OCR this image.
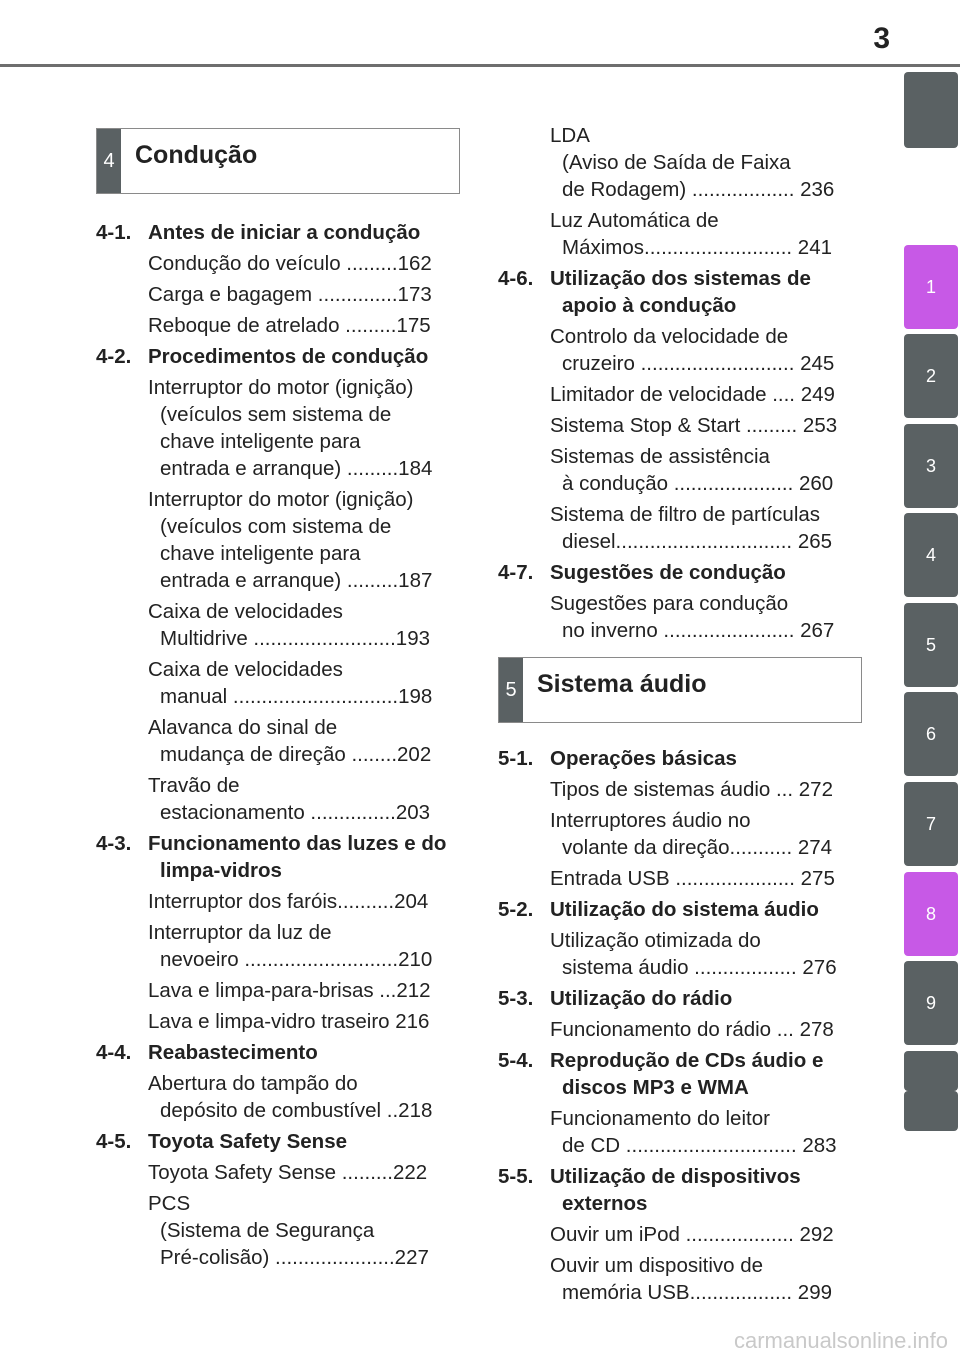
3
1
2
3
4
5
6
7
8
9
4 Condução
4-1. Antes de iniciar a condução
Condução do veículo .........162
Carga e bagagem ..............173
Reboque de atrelado .........175
4-2. Procedimentos de condução
Interruptor do motor (ignição)
(veículos sem sistema de
chave inteligente para
entrada e arranque) .........184
Interruptor do motor (ignição)
(veículos com sistema de
chave inteligente para
entrada e arranque) .........187
Caixa de velocidades
Multidrive .........................193
Caixa de velocidades
manual .............................198
Alavanca do sinal de
mudança de direção ........202
Travão de
estacionamento ...............203
4-3. Funcionamento das luzes e do
limpa-vidros
Interruptor dos faróis..........204
Interruptor da luz de
nevoeiro ...........................210
Lava e limpa-para-brisas ...212
Lava e limpa-vidro traseiro 216
4-4. Reabastecimento
Abertura do tampão do
depósito de combustível ..218
4-5. Toyota Safety Sense
Toyota Safety Sense .........222
PCS
(Sistema de Segurança
Pré-colisão) .....................227
LDA
(Aviso de Saída de Faixa
de Rodagem) .................. 236
Luz Automática de
Máximos.......................... 241
4-6. Utilização dos sistemas de
apoio à condução
Controlo da velocidade de
cruzeiro ........................... 245
Limitador de velocidade .... 249
Sistema Stop & Start ......... 253
Sistemas de assistência
à condução ..................... 260
Sistema de filtro de partículas
diesel............................... 265
4-7. Sugestões de condução
Sugestões para condução
no inverno ....................... 267
5 Sistema áudio
5-1. Operações básicas
Tipos de sistemas áudio ... 272
Interruptores áudio no
volante da direção........... 274
Entrada USB ..................... 275
5-2. Utilização do sistema áudio
Utilização otimizada do
sistema áudio .................. 276
5-3. Utilização do rádio
Funcionamento do rádio ... 278
5-4. Reprodução de CDs áudio e
discos MP3 e WMA
Funcionamento do leitor
de CD .............................. 283
5-5. Utilização de dispositivos
externos
Ouvir um iPod ................... 292
Ouvir um dispositivo de
memória USB.................. 299
carmanualsonline.info
